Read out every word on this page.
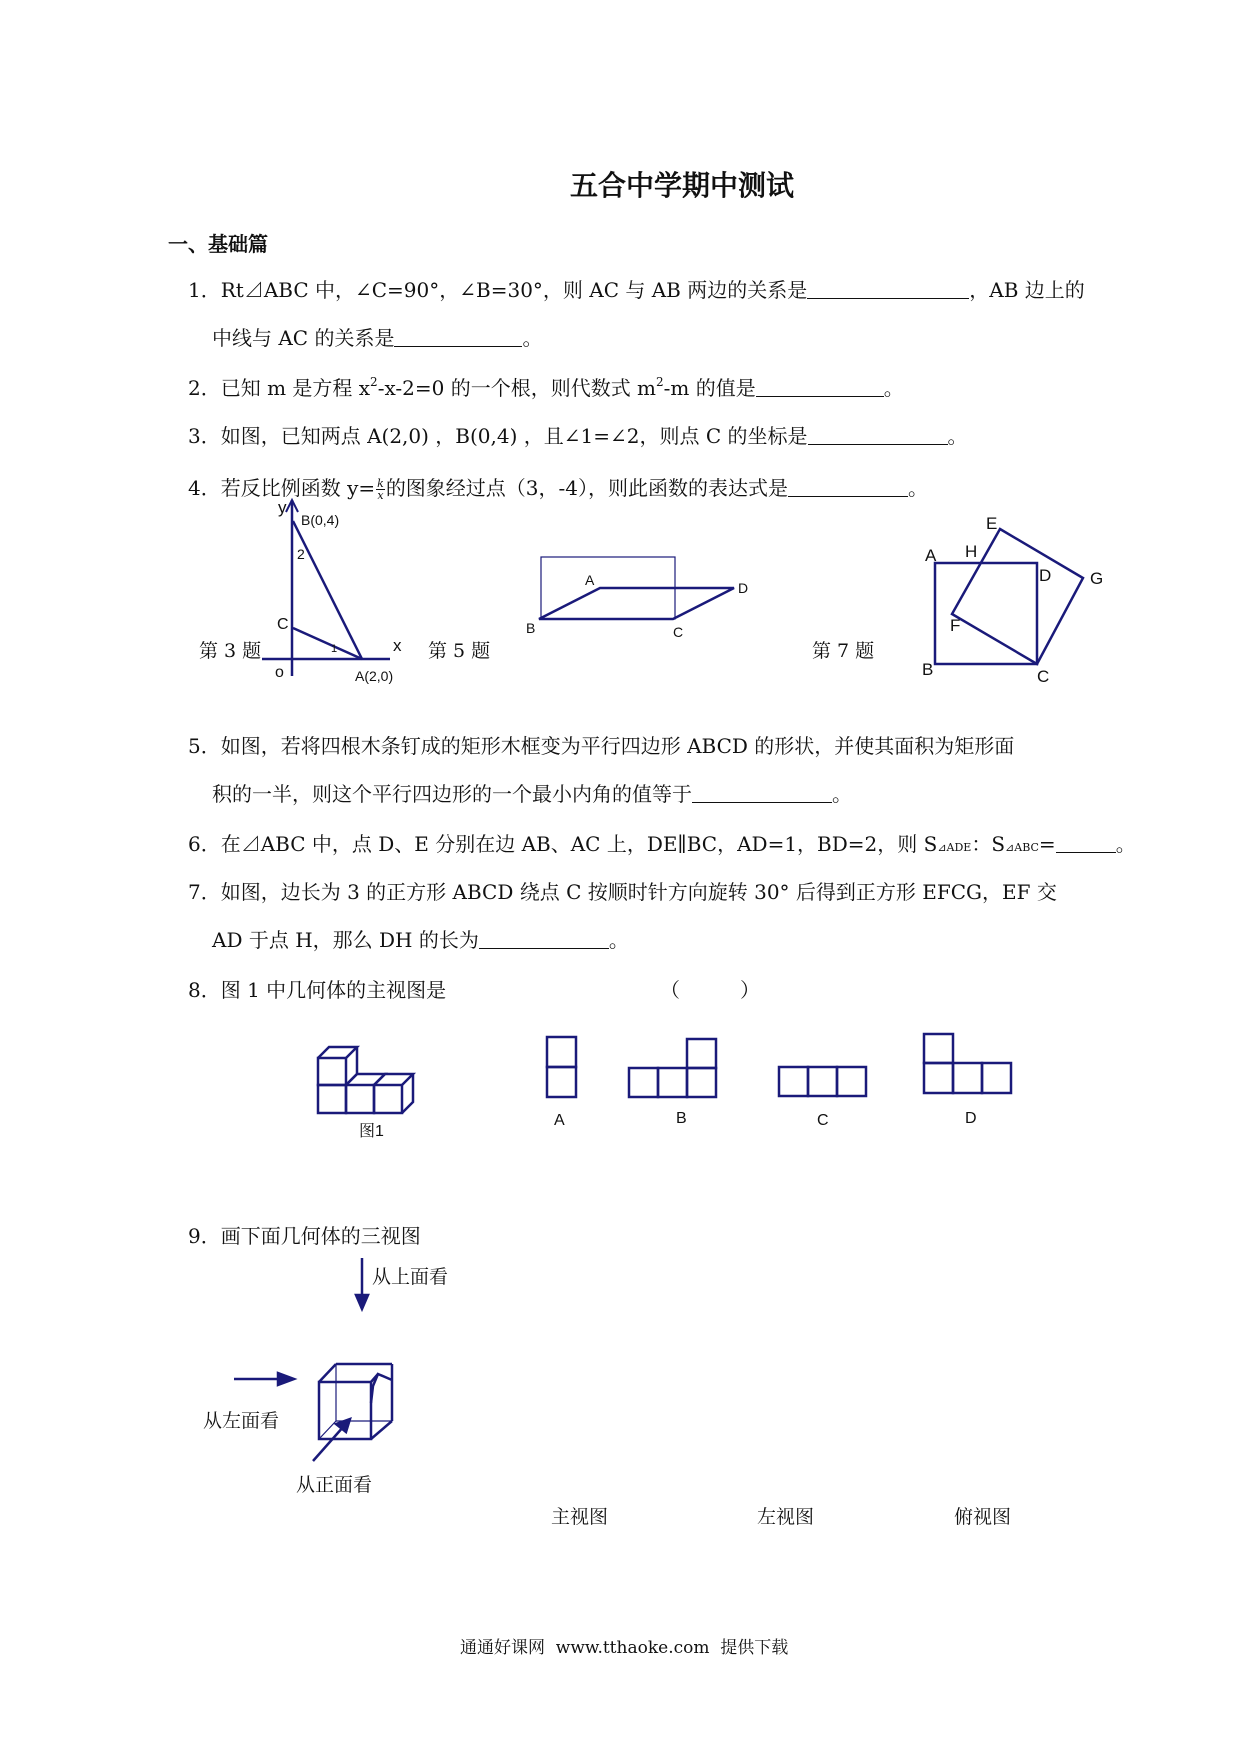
五合中学期中测试
一、基础篇
1．Rt⊿ABC 中，∠C=90°，∠B=30°，则 AC 与 AB 两边的关系是	，AB 边上的
中线与 AC 的关系是	。
2．已知 m 是方程 $x^2-x-2=0$ 的一个根，则代数式 $m^2-m$ 的值是	。
3．如图，已知两点 A(2,0) ，B(0,4) ，且∠1=∠2，则点 C 的坐标是	。
4．若反比例函数 $y= \frac{k}{x}$ 的图象经过点（3，-4），则此函数的表达式是	。
y
B(0,4)
2
C
1	x
o	A(2,0)
第 3 题
A	D
B	C
第 5 题
E
A H
D G
F
B	C
第 7 题
5．如图，若将四根木条钉成的矩形木框变为平行四边形 ABCD 的形状，并使其面积为矩形面
积的一半，则这个平行四边形的一个最小内角的值等于	。
6．在⊿ABC 中，点 D、E 分别在边 AB、AC 上，DE∥BC，AD=1，BD=2，则 S⊿ADE：S⊿ABC=	。
7．如图，边长为 3 的正方形 ABCD 绕点 C 按顺时针方向旋转 30° 后得到正方形 EFCG，EF 交
AD 于点 H，那么 DH 的长为	。
8．图 1 中几何体的主视图是	（　　　）
图1
A	B	C	D
9．画下面几何体的三视图
从上面看
从左面看
从正面看
主视图	左视图	俯视图
通通好课网  www.tthaoke.com  提供下载
